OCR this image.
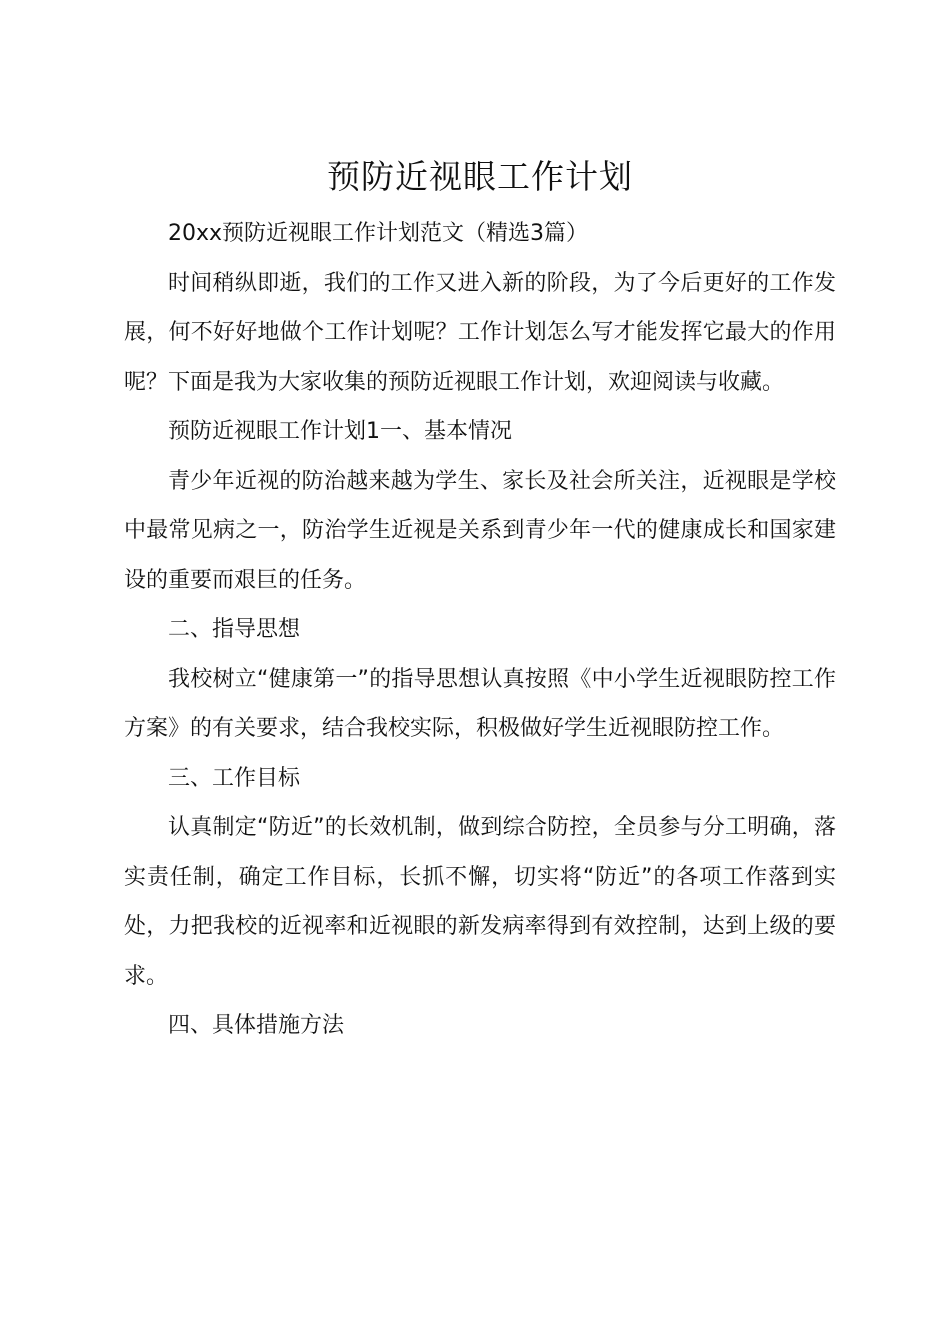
预防近视眼工作计划

20xx预防近视眼工作计划范文（精选3篇）

时间稍纵即逝，我们的工作又进入新的阶段，为了今后更好的工作发展，何不好好地做个工作计划呢？工作计划怎么写才能发挥它最大的作用呢？下面是我为大家收集的预防近视眼工作计划，欢迎阅读与收藏。

预防近视眼工作计划1一、基本情况

青少年近视的防治越来越为学生、家长及社会所关注，近视眼是学校中最常见病之一，防治学生近视是关系到青少年一代的健康成长和国家建设的重要而艰巨的任务。

二、指导思想

我校树立“健康第一”的指导思想认真按照《中小学生近视眼防控工作方案》的有关要求，结合我校实际，积极做好学生近视眼防控工作。

三、工作目标

认真制定“防近”的长效机制，做到综合防控，全员参与分工明确，落实责任制，确定工作目标，长抓不懈，切实将“防近”的各项工作落到实处，力把我校的近视率和近视眼的新发病率得到有效控制，达到上级的要求。

四、具体措施方法
